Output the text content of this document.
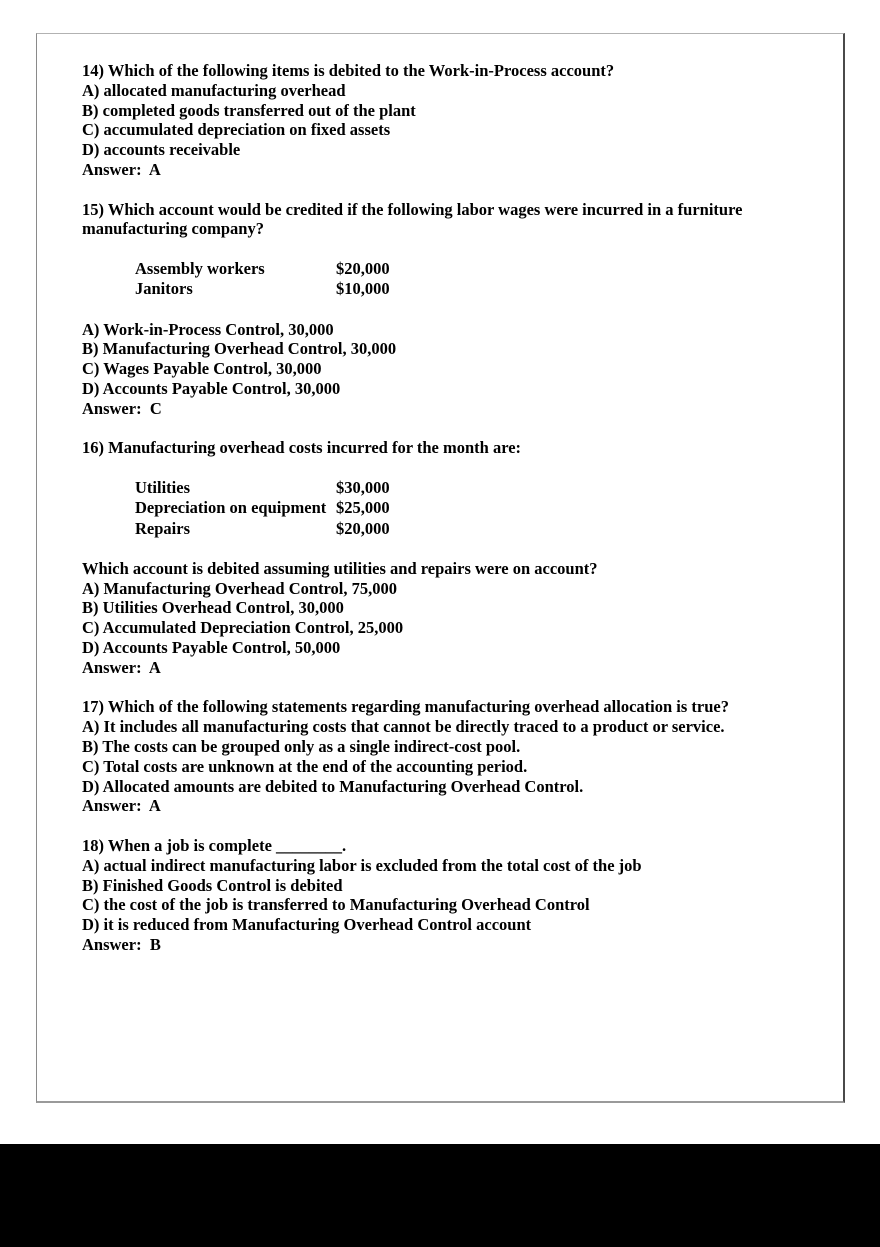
14) Which of the following items is debited to the Work-in-Process account?

A) allocated manufacturing overhead

B) completed goods transferred out of the plant

C) accumulated depreciation on fixed assets

D) accounts receivable

Answer:  A

15) Which account would be credited if the following labor wages were incurred in a furniture

manufacturing company?

Assembly workers	$20,000
Janitors	$10,000

A) Work-in-Process Control, 30,000

B) Manufacturing Overhead Control, 30,000

C) Wages Payable Control, 30,000

D) Accounts Payable Control, 30,000

Answer:  C

16) Manufacturing overhead costs incurred for the month are:

Utilities	$30,000
Depreciation on equipment $25,000
Repairs	$20,000

Which account is debited assuming utilities and repairs were on account?

A) Manufacturing Overhead Control, 75,000

B) Utilities Overhead Control, 30,000

C) Accumulated Depreciation Control, 25,000

D) Accounts Payable Control, 50,000

Answer:  A

17) Which of the following statements regarding manufacturing overhead allocation is true?

A) It includes all manufacturing costs that cannot be directly traced to a product or service.

B) The costs can be grouped only as a single indirect-cost pool.

C) Total costs are unknown at the end of the accounting period.

D) Allocated amounts are debited to Manufacturing Overhead Control.

Answer:  A

18) When a job is complete ________.

A) actual indirect manufacturing labor is excluded from the total cost of the job

B) Finished Goods Control is debited

C) the cost of the job is transferred to Manufacturing Overhead Control

D) it is reduced from Manufacturing Overhead Control account

Answer:  B
